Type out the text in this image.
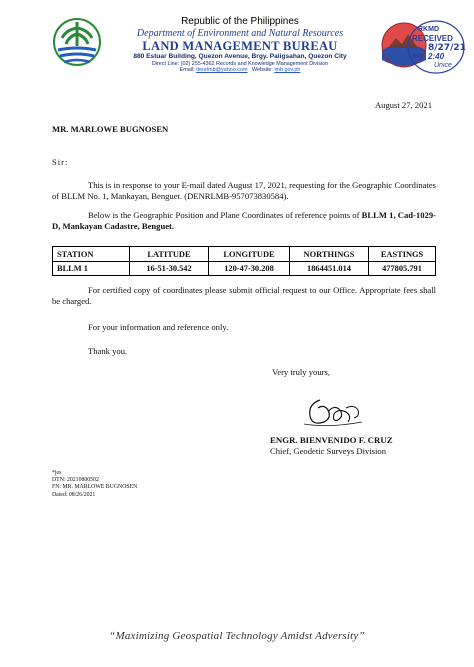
Republic of the Philippines
Department of Environment and Natural Resources
LAND MANAGEMENT BUREAU
880 Estuar Building, Quezon Avenue, Brgy. Paligsahan, Quezon City
Direct Line: (02) 255-4362 Records and Knowledge Management Division
Email: denrlmb@yahoo.com Website: lmb.gov.ph
RKMD
RECEIVED
8/27/21
TIME 2:40
Unice
August 27, 2021
MR. MARLOWE BUGNOSEN
Sir:
This is in response to your E-mail dated August 17, 2021, requesting for the Geographic Coordinates of BLLM No. 1, Mankayan, Benguet. (DENRLMB-957073830584).
Below is the Geographic Position and Plane Coordinates of reference points of BLLM 1, Cad-1029-D, Mankayan Cadastre, Benguet.
STATION	LATITUDE	LONGITUDE	NORTHINGS	EASTINGS
BLLM 1	16-51-30.542	120-47-30.208	1864451.014	477805.791
For certified copy of coordinates please submit official request to our Office. Appropriate fees shall be charged.
For your information and reference only.
Thank you.
Very truly yours,
ENGR. BIENVENIDO F. CRUZ
Chief, Geodetic Surveys Division
*jes
DTN: 20210800502
FN: MR. MARLOWE BUGNOSEN
Dated: 08/26/2021
“Maximizing Geospatial Technology Amidst Adversity”
